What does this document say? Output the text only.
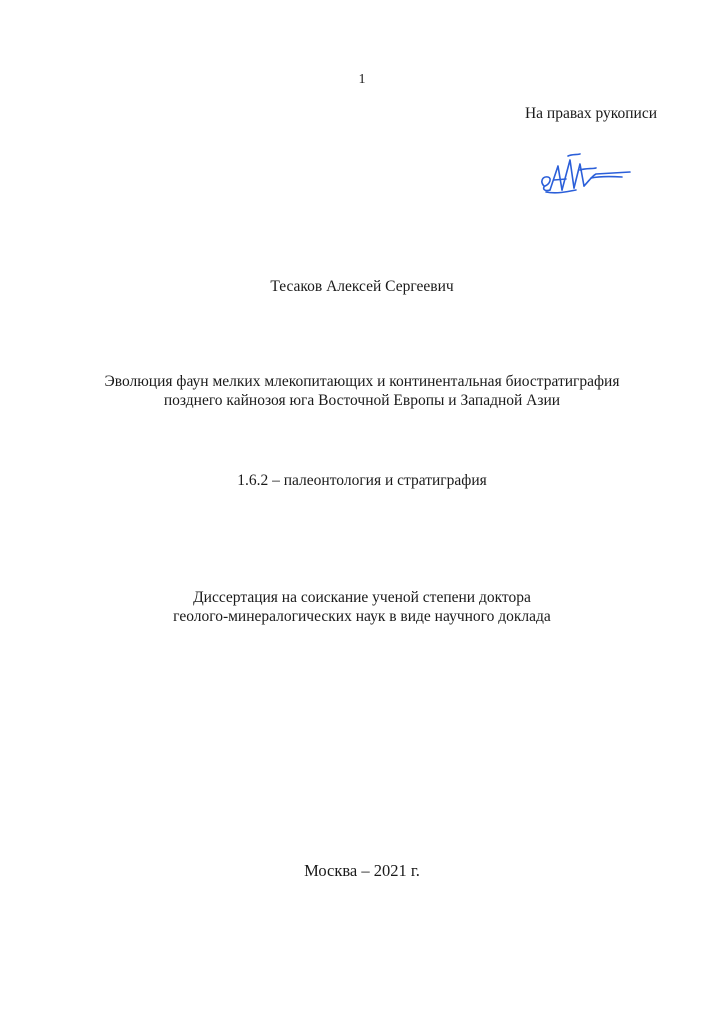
1
На правах рукописи
Тесаков Алексей Сергеевич
Эволюция фаун мелких млекопитающих и континентальная биостратиграфия
позднего кайнозоя юга Восточной Европы и Западной Азии
1.6.2 – палеонтология и стратиграфия
Диссертация на соискание ученой степени доктора
геолого-минералогических наук в виде научного доклада
Москва – 2021 г.
